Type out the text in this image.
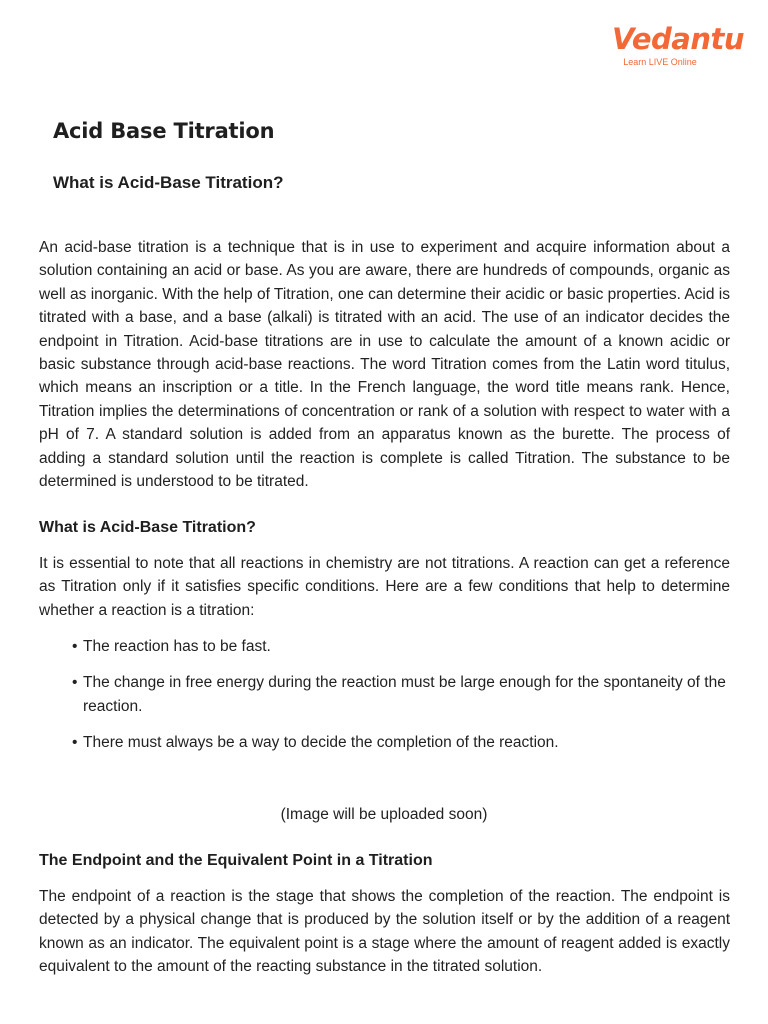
Vedantu
Learn LIVE Online
Acid Base Titration
What is Acid-Base Titration?

An acid-base titration is a technique that is in use to experiment and acquire information about a solution containing an acid or base. As you are aware, there are hundreds of compounds, organic as well as inorganic. With the help of Titration, one can determine their acidic or basic properties. Acid is titrated with a base, and a base (alkali) is titrated with an acid. The use of an indicator decides the endpoint in Titration. Acid-base titrations are in use to calculate the amount of a known acidic or basic substance through acid-base reactions. The word Titration comes from the Latin word titulus, which means an inscription or a title. In the French language, the word title means rank. Hence, Titration implies the determinations of concentration or rank of a solution with respect to water with a pH of 7. A standard solution is added from an apparatus known as the burette. The process of adding a standard solution until the reaction is complete is called Titration. The substance to be determined is understood to be titrated.

What is Acid-Base Titration?

It is essential to note that all reactions in chemistry are not titrations. A reaction can get a reference as Titration only if it satisfies specific conditions. Here are a few conditions that help to determine whether a reaction is a titration:

• The reaction has to be fast.
• The change in free energy during the reaction must be large enough for the spontaneity of the reaction.
• There must always be a way to decide the completion of the reaction.

(Image will be uploaded soon)

The Endpoint and the Equivalent Point in a Titration

The endpoint of a reaction is the stage that shows the completion of the reaction. The endpoint is detected by a physical change that is produced by the solution itself or by the addition of a reagent known as an indicator. The equivalent point is a stage where the amount of reagent added is exactly equivalent to the amount of the reacting substance in the titrated solution.
